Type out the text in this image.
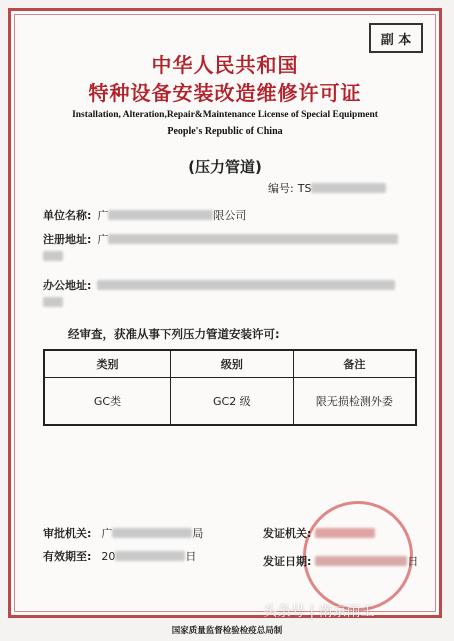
副 本
中华人民共和国
特种设备安装改造维修许可证
Installation, Alteration,Repair&Maintenance License of Special Equipment
People's Republic of China
(压力管道)
编号: TS
单位名称: 广	限公司
注册地址: 广
办公地址:
经审查，获准从事下列压力管道安装许可:
类别	级别	备注
GC类	GC2 级	限无损检测外委
审批机关: 广	局
有效期至: 20	日
发证机关:
发证日期:	日
头条号 | 南京雨工
国家质量监督检验检疫总局制
